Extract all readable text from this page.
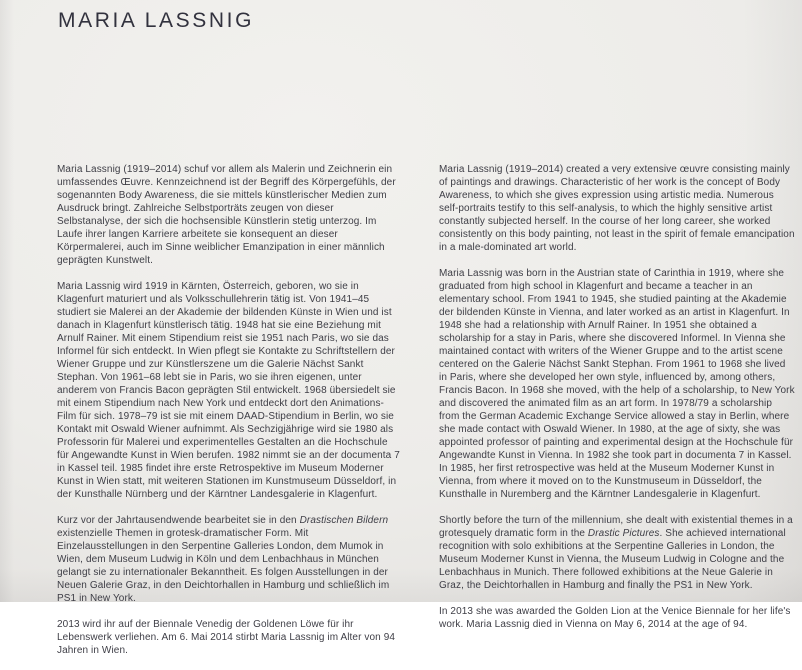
MARIA LASSNIG

Maria Lassnig (1919–2014) schuf vor allem als Malerin und Zeichnerin ein umfassendes Œuvre. Kennzeichnend ist der Begriff des Körpergefühls, der sogenannten Body Awareness, die sie mittels künstlerischer Medien zum Ausdruck bringt. Zahlreiche Selbstporträts zeugen von dieser Selbstanalyse, der sich die hochsensible Künstlerin stetig unterzog. Im Laufe ihrer langen Karriere arbeitete sie konsequent an dieser Körpermalerei, auch im Sinne weiblicher Emanzipation in einer männlich geprägten Kunstwelt.

Maria Lassnig wird 1919 in Kärnten, Österreich, geboren, wo sie in Klagenfurt maturiert und als Volksschullehrerin tätig ist. Von 1941–45 studiert sie Malerei an der Akademie der bildenden Künste in Wien und ist danach in Klagenfurt künstlerisch tätig. 1948 hat sie eine Beziehung mit Arnulf Rainer. Mit einem Stipendium reist sie 1951 nach Paris, wo sie das Informel für sich entdeckt. In Wien pflegt sie Kontakte zu Schriftstellern der Wiener Gruppe und zur Künstlerszene um die Galerie Nächst Sankt Stephan. Von 1961–68 lebt sie in Paris, wo sie ihren eigenen, unter anderem von Francis Bacon geprägten Stil entwickelt. 1968 übersiedelt sie mit einem Stipendium nach New York und entdeckt dort den Animations-Film für sich. 1978–79 ist sie mit einem DAAD-Stipendium in Berlin, wo sie Kontakt mit Oswald Wiener aufnimmt. Als Sechzigjährige wird sie 1980 als Professorin für Malerei und experimentelles Gestalten an die Hochschule für Angewandte Kunst in Wien berufen. 1982 nimmt sie an der documenta 7 in Kassel teil. 1985 findet ihre erste Retrospektive im Museum Moderner Kunst in Wien statt, mit weiteren Stationen im Kunstmuseum Düsseldorf, in der Kunsthalle Nürnberg und der Kärntner Landesgalerie in Klagenfurt.

Kurz vor der Jahrtausendwende bearbeitet sie in den Drastischen Bildern existenzielle Themen in grotesk-dramatischer Form. Mit Einzelausstellungen in den Serpentine Galleries London, dem Mumok in Wien, dem Museum Ludwig in Köln und dem Lenbachhaus in München gelangt sie zu internationaler Bekanntheit. Es folgen Ausstellungen in der Neuen Galerie Graz, in den Deichtorhallen in Hamburg und schließlich im PS1 in New York.

2013 wird ihr auf der Biennale Venedig der Goldenen Löwe für ihr Lebenswerk verliehen. Am 6. Mai 2014 stirbt Maria Lassnig im Alter von 94 Jahren in Wien.

Maria Lassnig (1919–2014) created a very extensive œuvre consisting mainly of paintings and drawings. Characteristic of her work is the concept of Body Awareness, to which she gives expression using artistic media. Numerous self-portraits testify to this self-analysis, to which the highly sensitive artist constantly subjected herself. In the course of her long career, she worked consistently on this body painting, not least in the spirit of female emancipation in a male-dominated art world.

Maria Lassnig was born in the Austrian state of Carinthia in 1919, where she graduated from high school in Klagenfurt and became a teacher in an elementary school. From 1941 to 1945, she studied painting at the Akademie der bildenden Künste in Vienna, and later worked as an artist in Klagenfurt. In 1948 she had a relationship with Arnulf Rainer. In 1951 she obtained a scholarship for a stay in Paris, where she discovered Informel. In Vienna she maintained contact with writers of the Wiener Gruppe and to the artist scene centered on the Galerie Nächst Sankt Stephan. From 1961 to 1968 she lived in Paris, where she developed her own style, influenced by, among others, Francis Bacon. In 1968 she moved, with the help of a scholarship, to New York and discovered the animated film as an art form. In 1978/79 a scholarship from the German Academic Exchange Service allowed a stay in Berlin, where she made contact with Oswald Wiener. In 1980, at the age of sixty, she was appointed professor of painting and experimental design at the Hochschule für Angewandte Kunst in Vienna. In 1982 she took part in documenta 7 in Kassel. In 1985, her first retrospective was held at the Museum Moderner Kunst in Vienna, from where it moved on to the Kunstmuseum in Düsseldorf, the Kunsthalle in Nuremberg and the Kärntner Landesgalerie in Klagenfurt.

Shortly before the turn of the millennium, she dealt with existential themes in a grotesquely dramatic form in the Drastic Pictures. She achieved international recognition with solo exhibitions at the Serpentine Galleries in London, the Museum Moderner Kunst in Vienna, the Museum Ludwig in Cologne and the Lenbachhaus in Munich. There followed exhibitions at the Neue Galerie in Graz, the Deichtorhallen in Hamburg and finally the PS1 in New York.

In 2013 she was awarded the Golden Lion at the Venice Biennale for her life's work. Maria Lassnig died in Vienna on May 6, 2014 at the age of 94.
